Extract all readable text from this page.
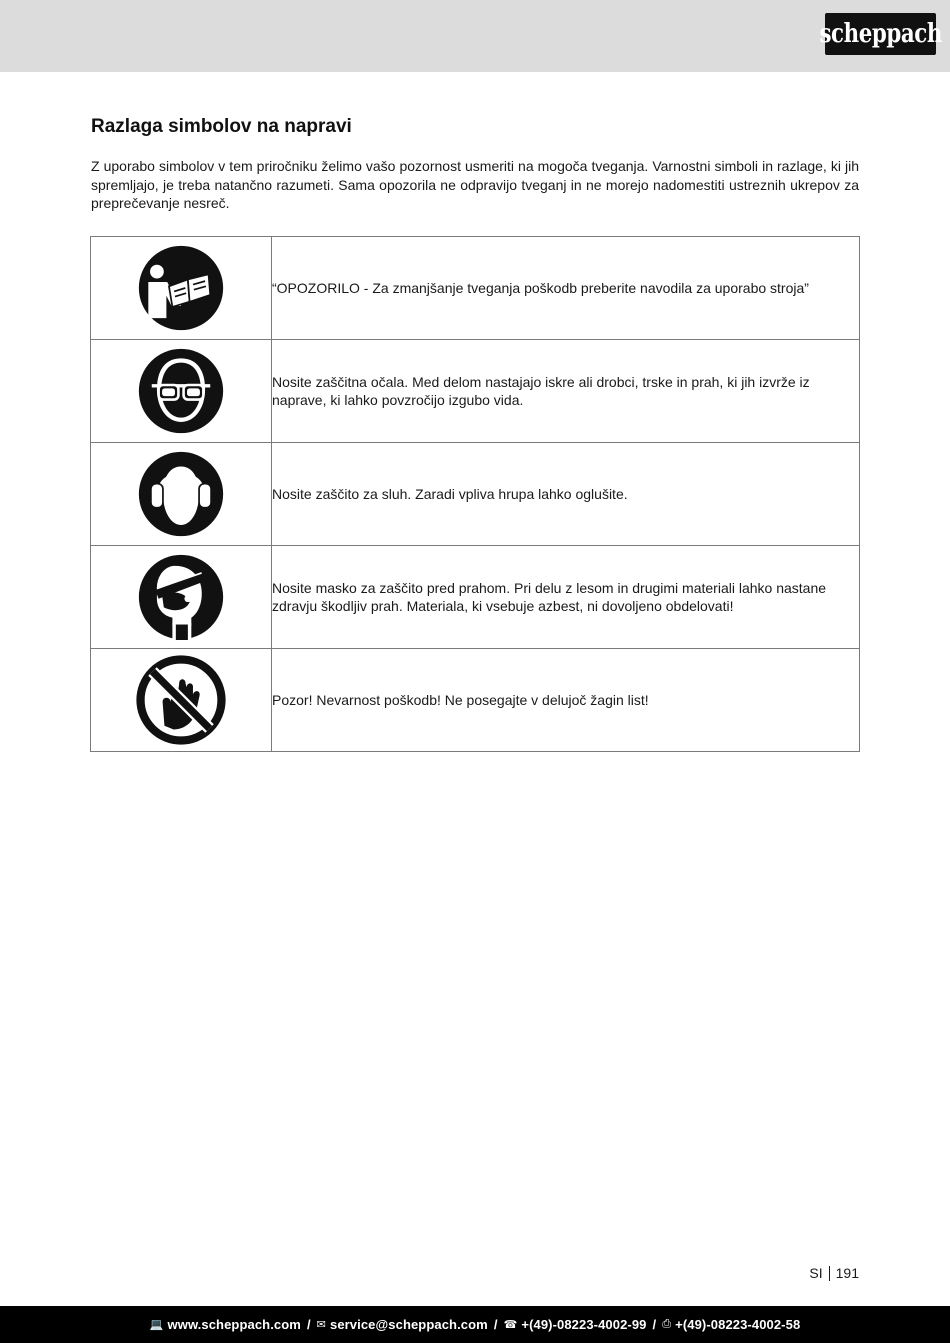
scheppach
Razlaga simbolov na napravi

Z uporabo simbolov v tem priročniku želimo vašo pozornost usmeriti na mogoča tveganja. Varnostni simboli in razlage, ki jih spremljajo, je treba natančno razumeti. Sama opozorila ne odpravijo tveganj in ne morejo nadomestiti ustreznih ukrepov za preprečevanje nesreč.

	“OPOZORILO - Za zmanjšanje tveganja poškodb preberite navodila za uporabo stroja”

	Nosite zaščitna očala. Med delom nastajajo iskre ali drobci, trske in prah, ki jih izvrže iz naprave, ki lahko povzročijo izgubo vida.

	Nosite zaščito za sluh. Zaradi vpliva hrupa lahko oglušite.

	Nosite masko za zaščito pred prahom. Pri delu z lesom in drugimi materiali lahko nastane zdravju škodljiv prah. Materiala, ki vsebuje azbest, ni dovoljeno obdelovati!

	Pozor! Nevarnost poškodb! Ne posegajte v delujoč žagin list!
SI 191
💻 www.scheppach.com / ✉ service@scheppach.com / ☎ +(49)-08223-4002-99 / ⎙ +(49)-08223-4002-58
